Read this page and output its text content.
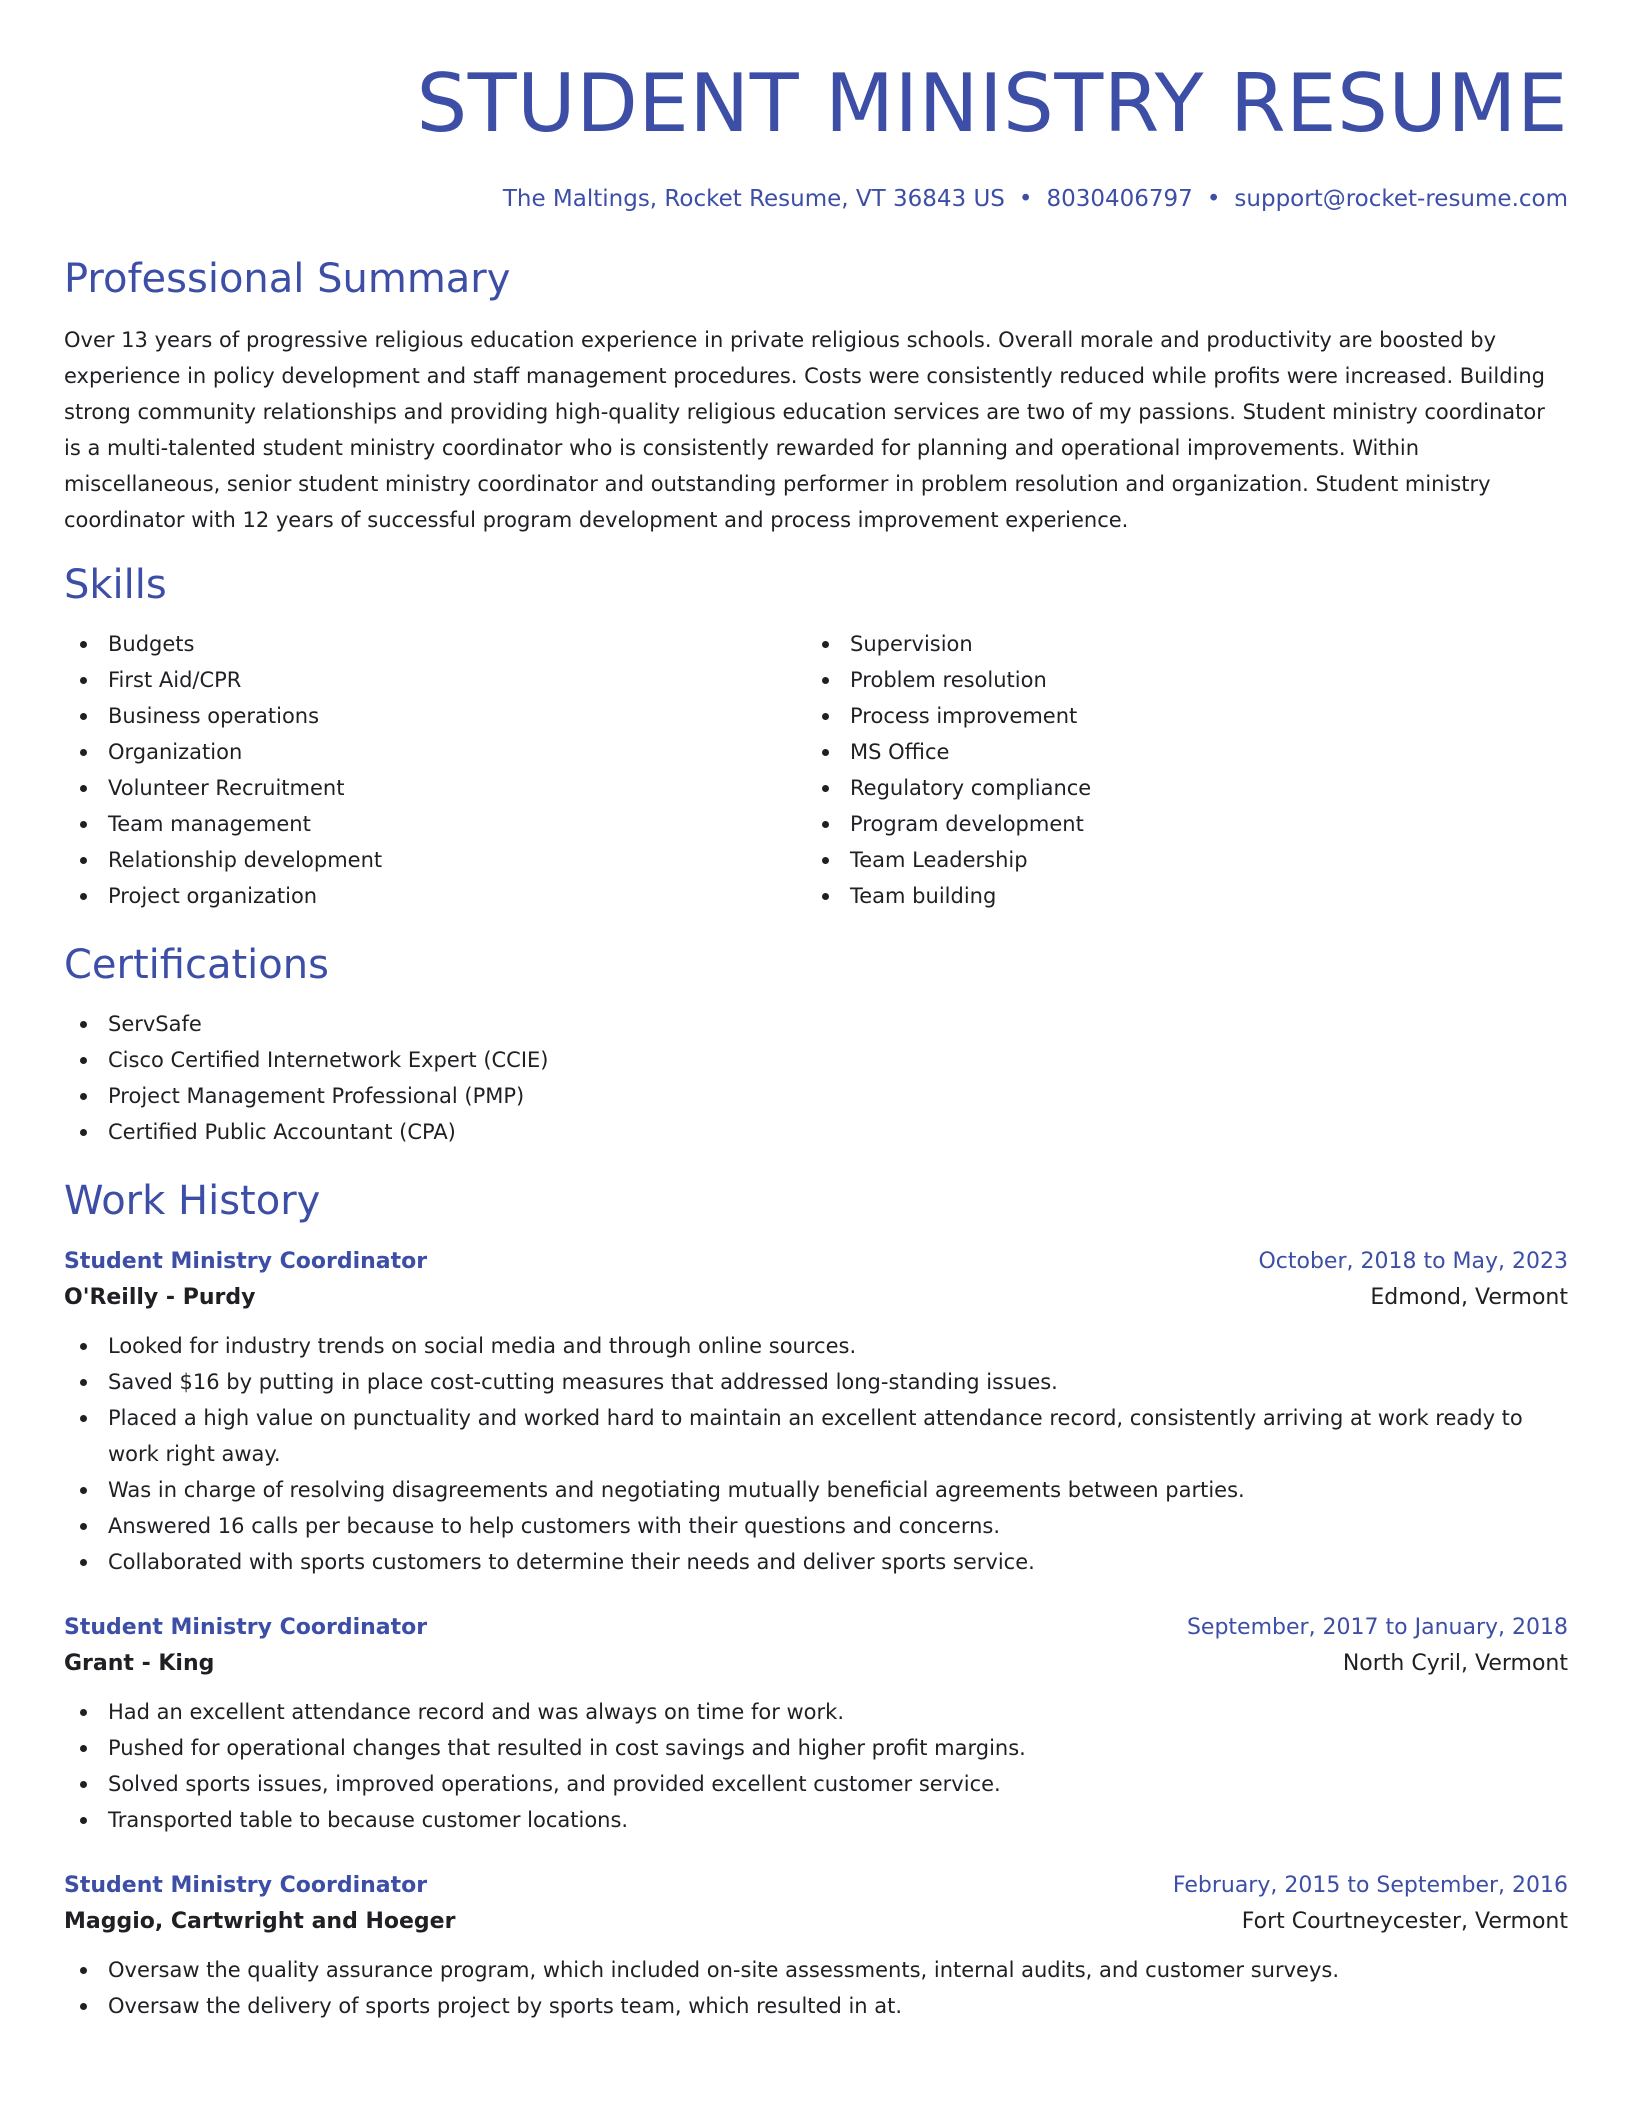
STUDENT MINISTRY RESUME
The Maltings, Rocket Resume, VT 36843 US • 8030406797 • support@rocket-resume.com
Professional Summary

Over 13 years of progressive religious education experience in private religious schools. Overall morale and productivity are boosted by experience in policy development and staff management procedures. Costs were consistently reduced while profits were increased. Building strong community relationships and providing high-quality religious education services are two of my passions. Student ministry coordinator is a multi-talented student ministry coordinator who is consistently rewarded for planning and operational improvements. Within miscellaneous, senior student ministry coordinator and outstanding performer in problem resolution and organization. Student ministry coordinator with 12 years of successful program development and process improvement experience.

Skills
Budgets
First Aid/CPR
Business operations
Organization
Volunteer Recruitment
Team management
Relationship development
Project organization
Supervision
Problem resolution
Process improvement
MS Office
Regulatory compliance
Program development
Team Leadership
Team building
Certifications
ServSafe
Cisco Certified Internetwork Expert (CCIE)
Project Management Professional (PMP)
Certified Public Accountant (CPA)
Work History
Student Ministry Coordinator	October, 2018 to May, 2023
O'Reilly - Purdy	Edmond, Vermont
Looked for industry trends on social media and through online sources.
Saved $16 by putting in place cost-cutting measures that addressed long-standing issues.
Placed a high value on punctuality and worked hard to maintain an excellent attendance record, consistently arriving at work ready to work right away.
Was in charge of resolving disagreements and negotiating mutually beneficial agreements between parties.
Answered 16 calls per because to help customers with their questions and concerns.
Collaborated with sports customers to determine their needs and deliver sports service.
Student Ministry Coordinator	September, 2017 to January, 2018
Grant - King	North Cyril, Vermont
Had an excellent attendance record and was always on time for work.
Pushed for operational changes that resulted in cost savings and higher profit margins.
Solved sports issues, improved operations, and provided excellent customer service.
Transported table to because customer locations.
Student Ministry Coordinator	February, 2015 to September, 2016
Maggio, Cartwright and Hoeger	Fort Courtneycester, Vermont
Oversaw the quality assurance program, which included on-site assessments, internal audits, and customer surveys.
Oversaw the delivery of sports project by sports team, which resulted in at.
